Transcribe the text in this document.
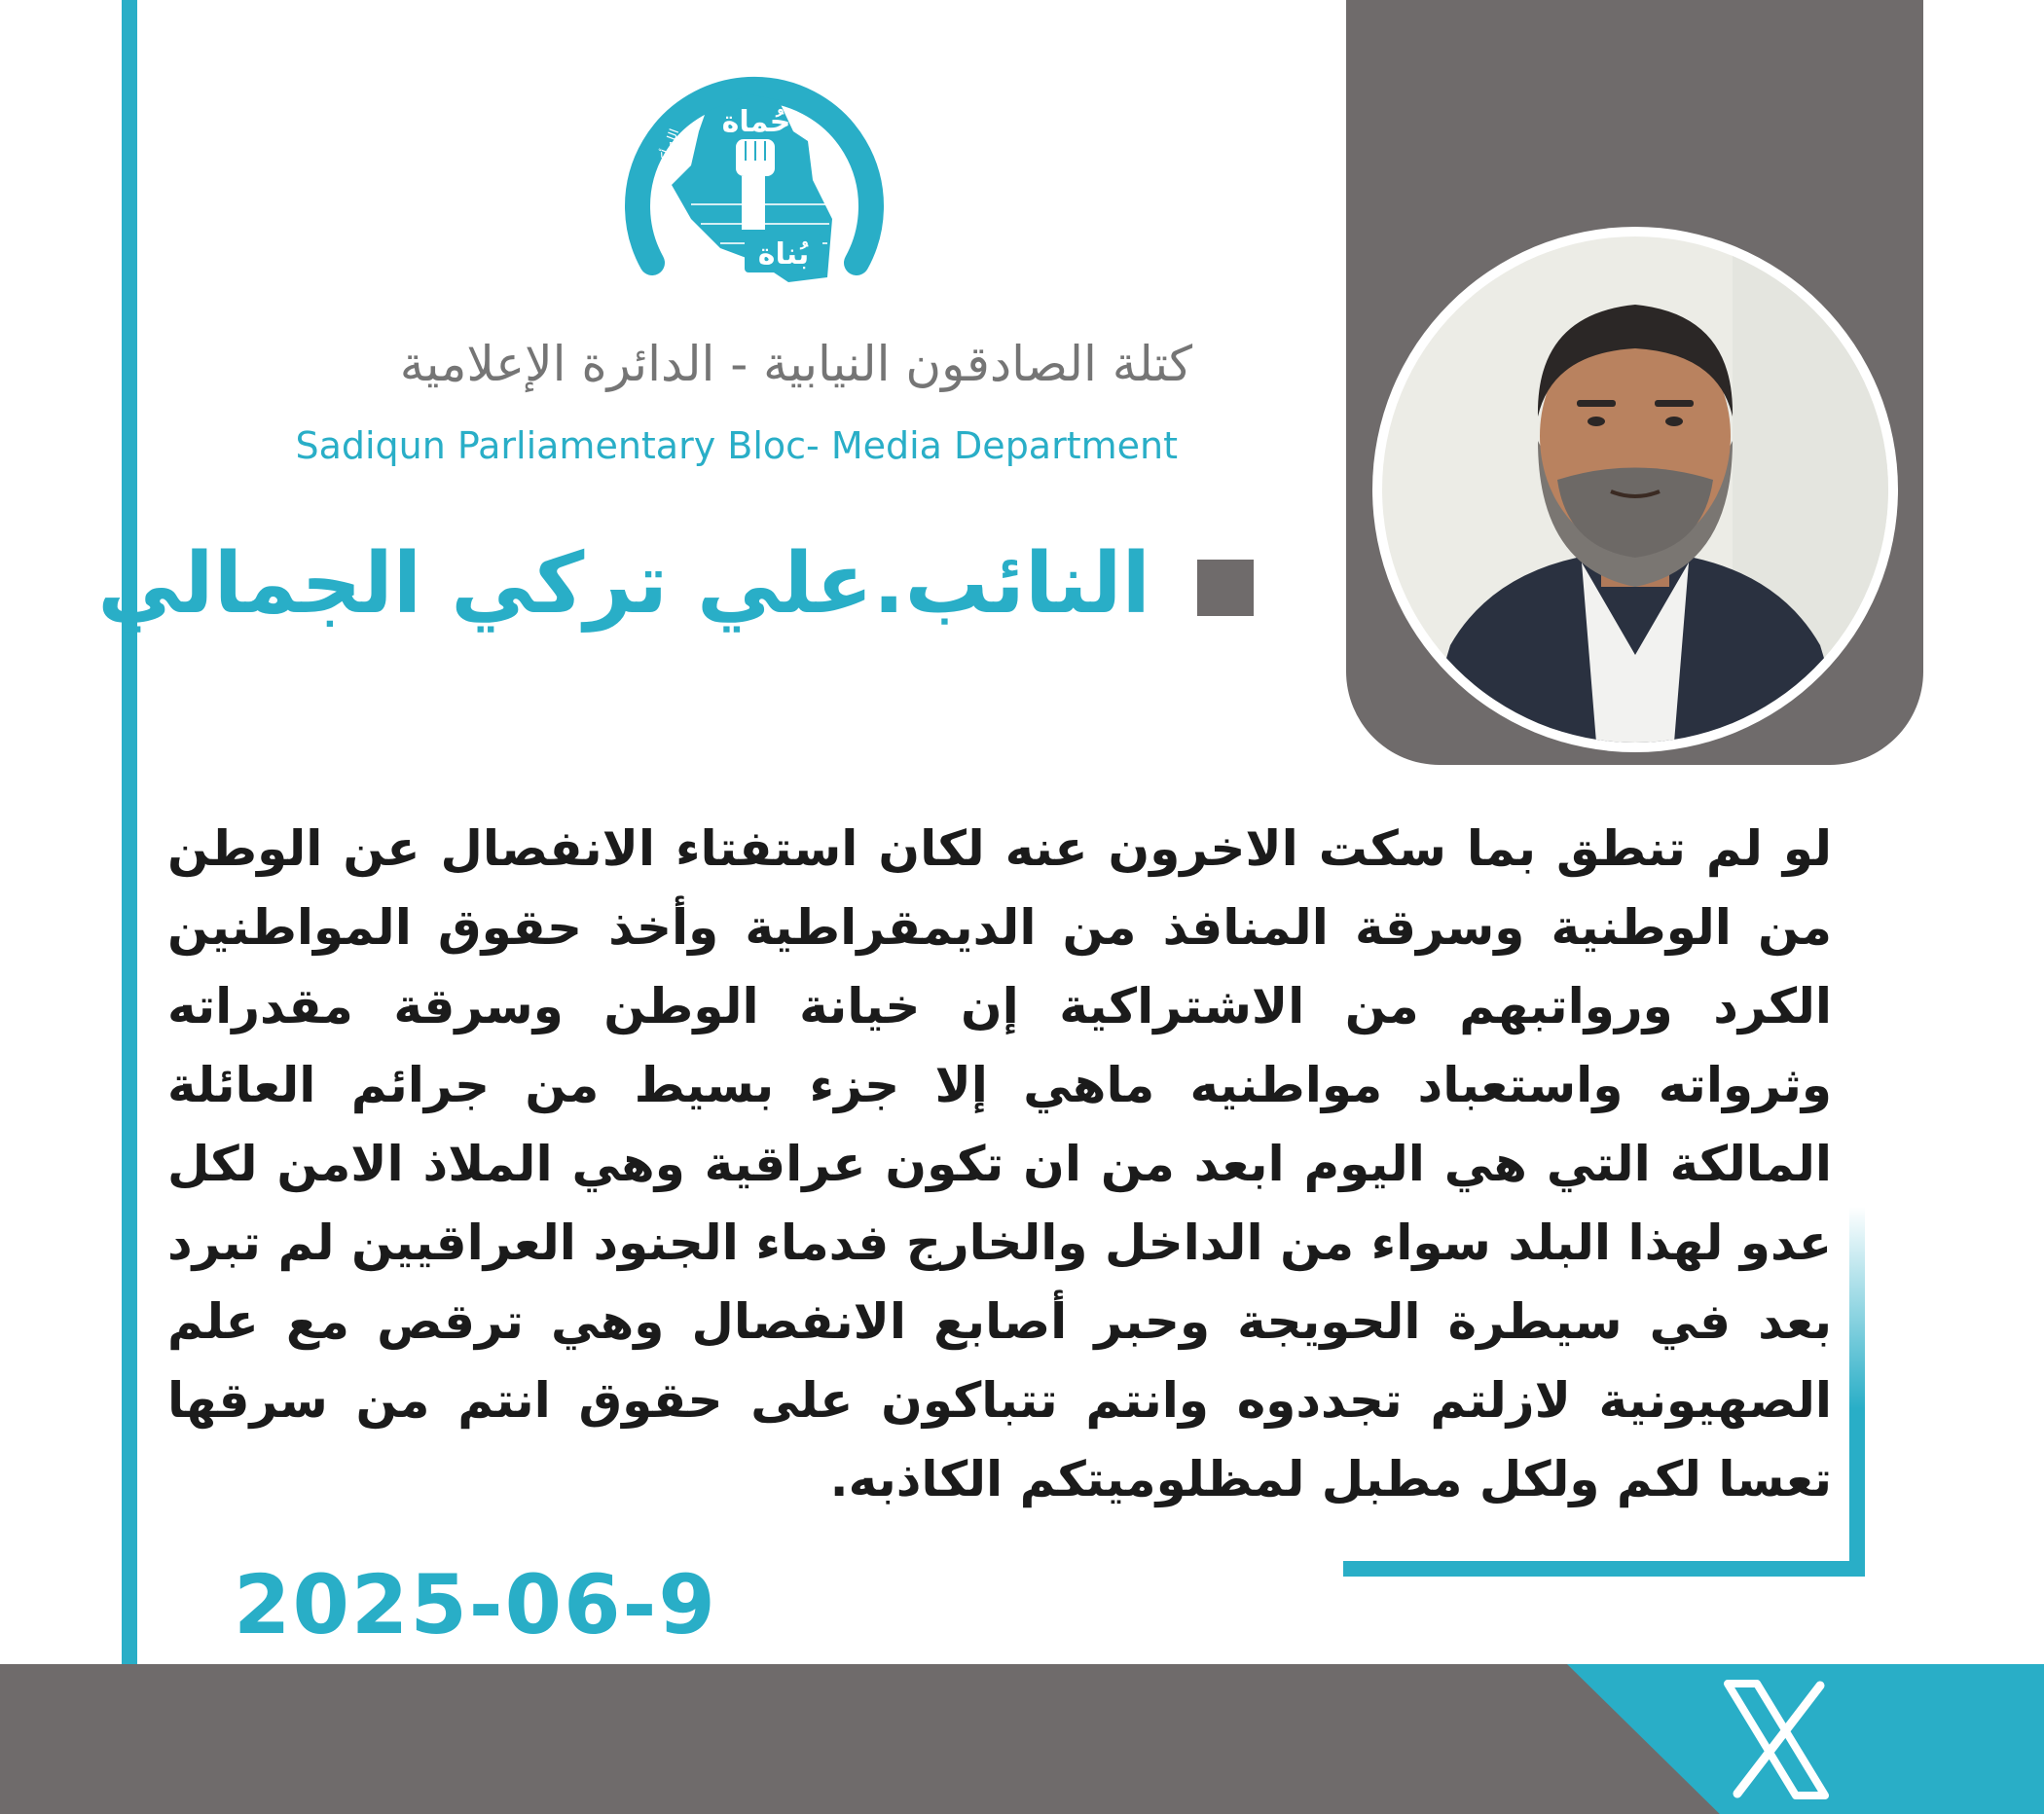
حُماة
بُناة
حركة الصادقون
الله أكبر
كتلة الصادقون النيابية - الدائرة الإعلامية
Sadiqun Parliamentary Bloc- Media Department
النائب.علي تركي الجمالي
لو لم تنطق بما سكت الاخرون عنه لكان استفتاء الانفصال عن الوطن من الوطنية وسرقة المنافذ من الديمقراطية وأخذ حقوق المواطنين الكرد ورواتبهم من الاشتراكية إن خيانة الوطن وسرقة مقدراته وثرواته واستعباد مواطنيه ماهي إلا جزء بسيط من جرائم العائلة المالكة التي هي اليوم ابعد من ان تكون عراقية وهي الملاذ الامن لكل عدو لهذا البلد سواء من الداخل والخارج فدماء الجنود العراقيين لم تبرد بعد في سيطرة الحويجة وحبر أصابع الانفصال وهي ترقص مع علم الصهيونية لازلتم تجددوه وانتم تتباكون على حقوق انتم من سرقها تعسا لكم ولكل مطبل لمظلوميتكم الكاذبه.
2025-06-9
